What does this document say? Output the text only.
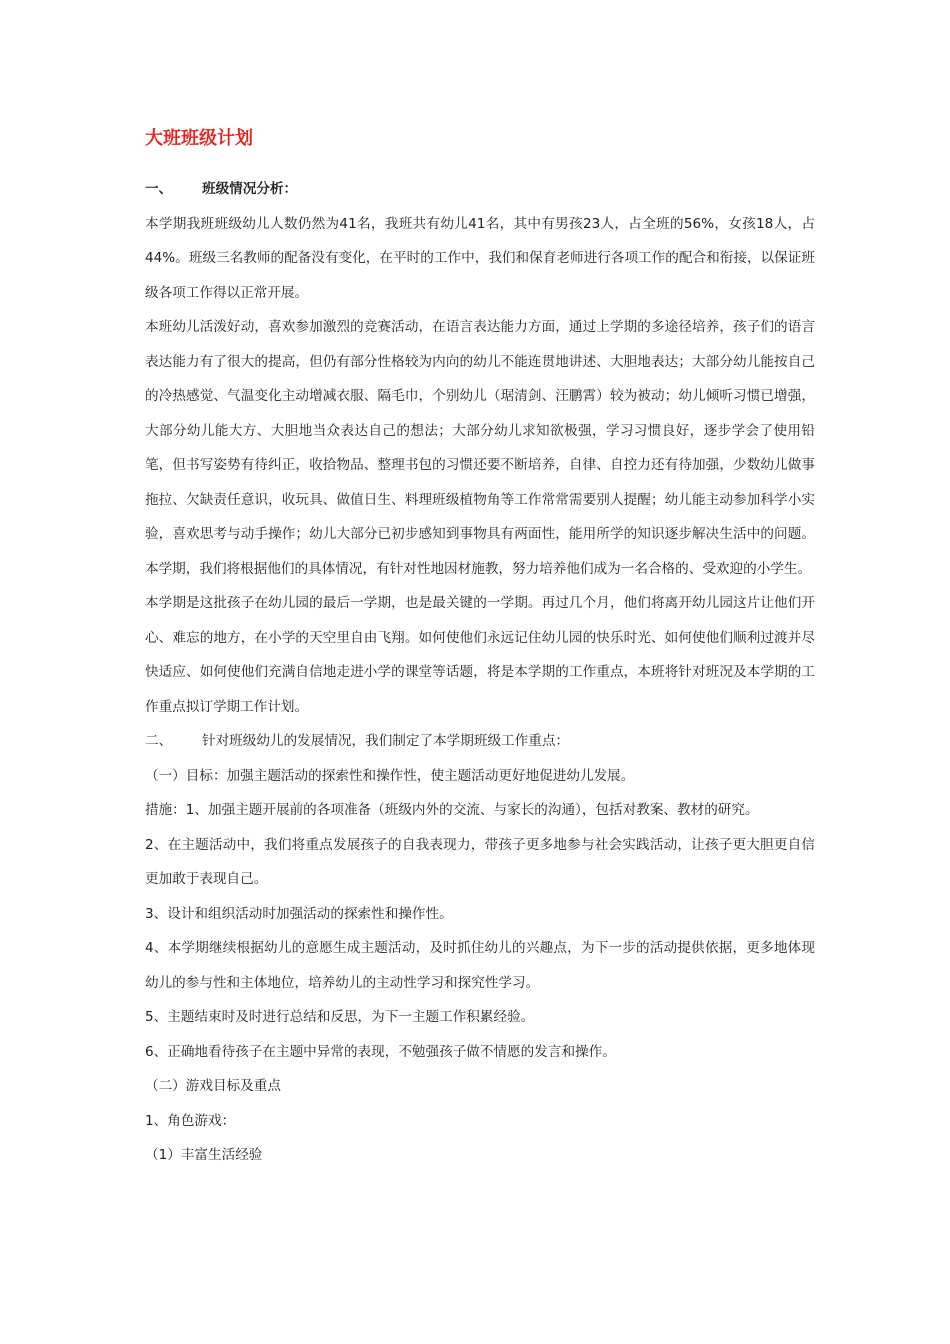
大班班级计划

一、 班级情况分析：

本学期我班班级幼儿人数仍然为41名，我班共有幼儿41名，其中有男孩23人，占全班的56%，女孩18人，占44%。班级三名教师的配备没有变化，在平时的工作中，我们和保育老师进行各项工作的配合和衔接，以保证班级各项工作得以正常开展。

本班幼儿活泼好动，喜欢参加激烈的竞赛活动，在语言表达能力方面，通过上学期的多途径培养，孩子们的语言表达能力有了很大的提高，但仍有部分性格较为内向的幼儿不能连贯地讲述、大胆地表达；大部分幼儿能按自己的冷热感觉、气温变化主动增减衣服、隔毛巾，个别幼儿（琚清剑、汪鹏霄）较为被动；幼儿倾听习惯已增强，大部分幼儿能大方、大胆地当众表达自己的想法；大部分幼儿求知欲极强，学习习惯良好，逐步学会了使用铅笔，但书写姿势有待纠正，收拾物品、整理书包的习惯还要不断培养，自律、自控力还有待加强，少数幼儿做事拖拉、欠缺责任意识，收玩具、做值日生、料理班级植物角等工作常常需要别人提醒；幼儿能主动参加科学小实验，喜欢思考与动手操作；幼儿大部分已初步感知到事物具有两面性，能用所学的知识逐步解决生活中的问题。本学期，我们将根据他们的具体情况，有针对性地因材施教，努力培养他们成为一名合格的、受欢迎的小学生。

本学期是这批孩子在幼儿园的最后一学期，也是最关键的一学期。再过几个月，他们将离开幼儿园这片让他们开心、难忘的地方，在小学的天空里自由飞翔。如何使他们永远记住幼儿园的快乐时光、如何使他们顺利过渡并尽快适应、如何使他们充满自信地走进小学的课堂等话题，将是本学期的工作重点，本班将针对班况及本学期的工作重点拟订学期工作计划。

二、 针对班级幼儿的发展情况，我们制定了本学期班级工作重点：

（一）目标：加强主题活动的探索性和操作性，使主题活动更好地促进幼儿发展。

措施：1、加强主题开展前的各项准备（班级内外的交流、与家长的沟通），包括对教案、教材的研究。

2、在主题活动中，我们将重点发展孩子的自我表现力，带孩子更多地参与社会实践活动，让孩子更大胆更自信更加敢于表现自己。

3、设计和组织活动时加强活动的探索性和操作性。

4、本学期继续根据幼儿的意愿生成主题活动，及时抓住幼儿的兴趣点，为下一步的活动提供依据，更多地体现幼儿的参与性和主体地位，培养幼儿的主动性学习和探究性学习。

5、主题结束时及时进行总结和反思，为下一主题工作积累经验。

6、正确地看待孩子在主题中异常的表现，不勉强孩子做不情愿的发言和操作。

（二）游戏目标及重点

1、角色游戏：

（1）丰富生活经验
